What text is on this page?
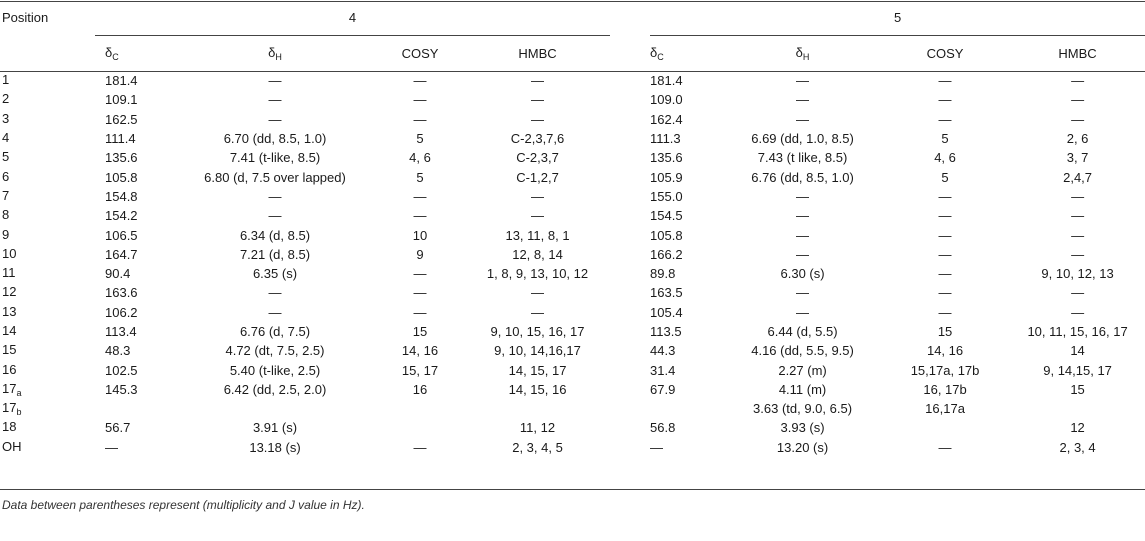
Position	4					5			
	$\delta_C$	$\delta_H$	COSY	HMBC		$\delta_C$	$\delta_H$	COSY	HMBC
1	181.4	—	—	—		181.4	—	—	—
2	109.1	—	—	—		109.0	—	—	—
3	162.5	—	—	—		162.4	—	—	—
4	111.4	6.70 (dd, 8.5, 1.0)	5	C-2,3,7,6		111.3	6.69 (dd, 1.0, 8.5)	5	2, 6
5	135.6	7.41 (t-like, 8.5)	4, 6	C-2,3,7		135.6	7.43 (t like, 8.5)	4, 6	3, 7
6	105.8	6.80 (d, 7.5 over lapped)	5	C-1,2,7		105.9	6.76 (dd, 8.5, 1.0)	5	2,4,7
7	154.8	—	—	—		155.0	—	—	—
8	154.2	—	—	—		154.5	—	—	—
9	106.5	6.34 (d, 8.5)	10	13, 11, 8, 1		105.8	—	—	—
10	164.7	7.21 (d, 8.5)	9	12, 8, 14		166.2	—	—	—
11	90.4	6.35 (s)	—	1, 8, 9, 13, 10, 12		89.8	6.30 (s)	—	9, 10, 12, 13
12	163.6	—	—	—		163.5	—	—	—
13	106.2	—	—	—		105.4	—	—	—
14	113.4	6.76 (d, 7.5)	15	9, 10, 15, 16, 17		113.5	6.44 (d, 5.5)	15	10, 11, 15, 16, 17
15	48.3	4.72 (dt, 7.5, 2.5)	14, 16	9, 10, 14,16,17		44.3	4.16 (dd, 5.5, 9.5)	14, 16	14
16	102.5	5.40 (t-like, 2.5)	15, 17	14, 15, 17		31.4	2.27 (m)	15,17a, 17b	9, 14,15, 17
$17_a$	145.3	6.42 (dd, 2.5, 2.0)	16	14, 15, 16		67.9	4.11 (m)	16, 17b	15
$17_b$							3.63 (td, 9.0, 6.5)	16,17a	
18	56.7	3.91 (s)		11, 12		56.8	3.93 (s)		12
OH	—	13.18 (s)	—	2, 3, 4, 5		—	13.20 (s)	—	2, 3, 4
Data between parentheses represent (multiplicity and J value in Hz).
